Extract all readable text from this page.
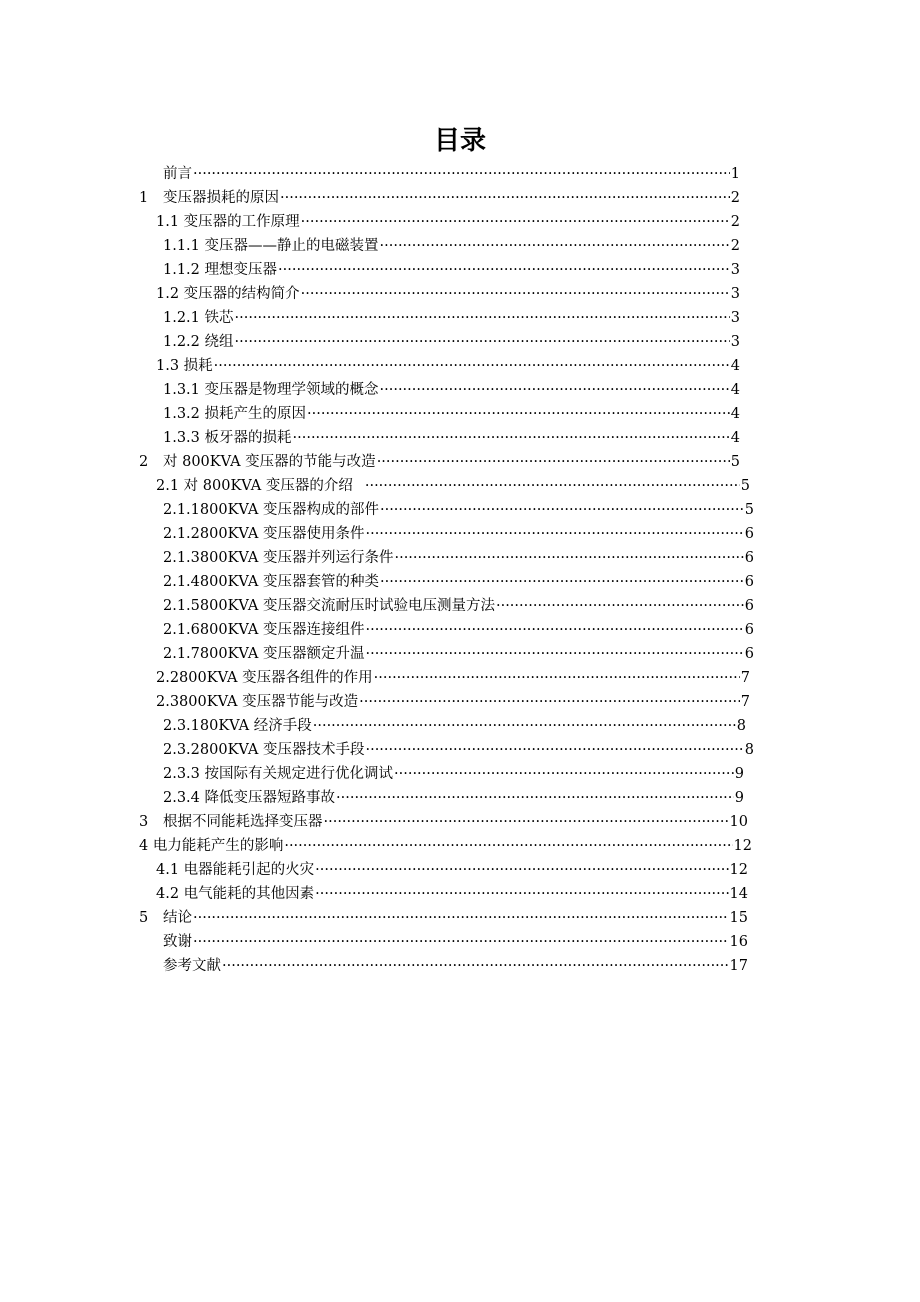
目录
前言 ·····	1
1	变压器损耗的原因 ·····	2
1.1 变压器的工作原理 ·····	2
1.1.1 变压器——静止的电磁装置 ·····	2
1.1.2 理想变压器 ·····	3
1.2 变压器的结构简介 ·····	3
1.2.1 铁芯 ·····	3
1.2.2 绕组 ·····	3
1.3 损耗 ·····	4
1.3.1 变压器是物理学领域的概念 ·····	4
1.3.2 损耗产生的原因 ·····	4
1.3.3 板牙器的损耗 ·····	4
2	对 800KVA 变压器的节能与改造 ·····	5
2.1 对 800KVA 变压器的介绍 ·····	5
2.1.1800KVA 变压器构成的部件 ·····	5
2.1.2800KVA 变压器使用条件 ·····	6
2.1.3800KVA 变压器并列运行条件 ·····	6
2.1.4800KVA 变压器套管的种类 ·····	6
2.1.5800KVA 变压器交流耐压时试验电压测量方法 ·····	6
2.1.6800KVA 变压器连接组件 ·····	6
2.1.7800KVA 变压器额定升温 ·····	6
2.2800KVA 变压器各组件的作用 ·····	7
2.3800KVA 变压器节能与改造 ·····	7
2.3.180KVA 经济手段 ·····	8
2.3.2800KVA 变压器技术手段 ·····	8
2.3.3 按国际有关规定进行优化调试 ·····	9
2.3.4 降低变压器短路事故 ·····	9
3	根据不同能耗选择变压器 ·····	10
4 电力能耗产生的影响 ·····	12
4.1 电器能耗引起的火灾 ·····	12
4.2 电气能耗的其他因素 ·····	14
5	结论 ·····	15
致谢 ·····	16
参考文献 ·····	17
